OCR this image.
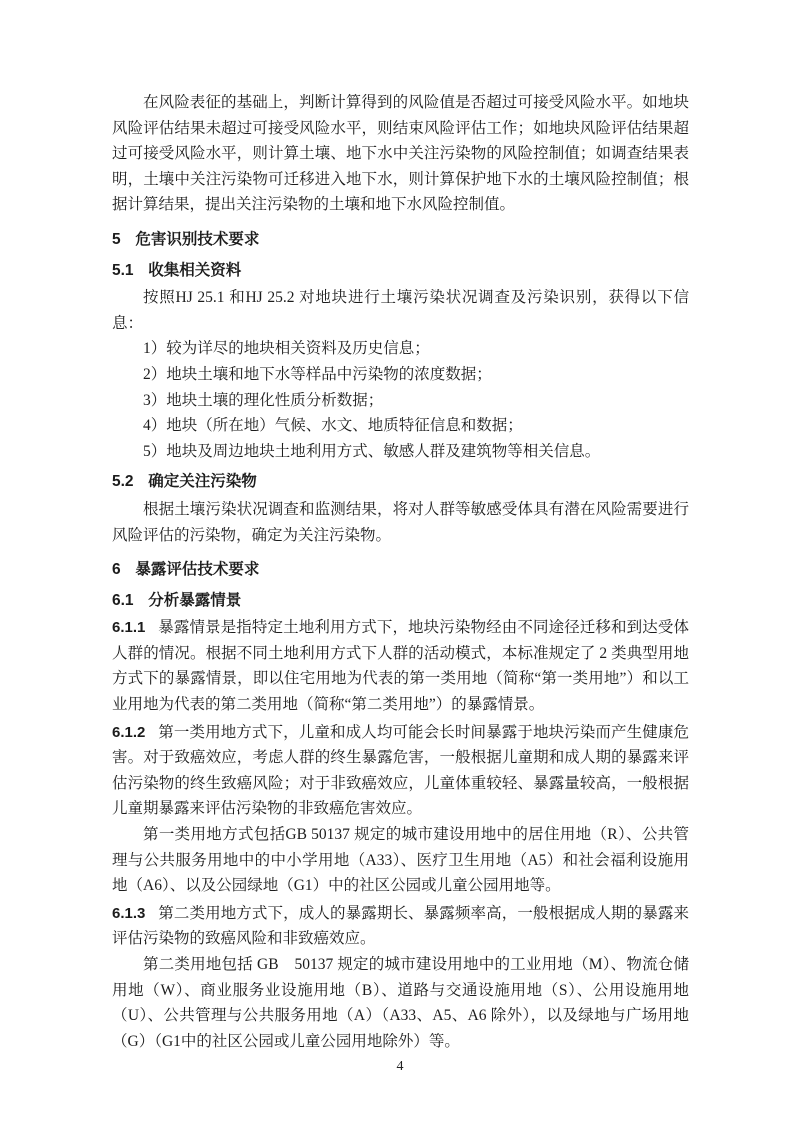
在风险表征的基础上，判断计算得到的风险值是否超过可接受风险水平。如地块风险评估结果未超过可接受风险水平，则结束风险评估工作；如地块风险评估结果超过可接受风险水平，则计算土壤、地下水中关注污染物的风险控制值；如调查结果表明，土壤中关注污染物可迁移进入地下水，则计算保护地下水的土壤风险控制值；根据计算结果，提出关注污染物的土壤和地下水风险控制值。

5 危害识别技术要求
5.1 收集相关资料

按照HJ 25.1 和HJ 25.2 对地块进行土壤污染状况调查及污染识别，获得以下信息：

1）较为详尽的地块相关资料及历史信息；

2）地块土壤和地下水等样品中污染物的浓度数据；

3）地块土壤的理化性质分析数据；

4）地块（所在地）气候、水文、地质特征信息和数据；

5）地块及周边地块土地利用方式、敏感人群及建筑物等相关信息。

5.2 确定关注污染物

根据土壤污染状况调查和监测结果，将对人群等敏感受体具有潜在风险需要进行风险评估的污染物，确定为关注污染物。

6 暴露评估技术要求
6.1 分析暴露情景

6.1.1 暴露情景是指特定土地利用方式下，地块污染物经由不同途径迁移和到达受体人群的情况。根据不同土地利用方式下人群的活动模式，本标准规定了 2 类典型用地方式下的暴露情景，即以住宅用地为代表的第一类用地（简称“第一类用地”）和以工业用地为代表的第二类用地（简称“第二类用地”）的暴露情景。

6.1.2 第一类用地方式下，儿童和成人均可能会长时间暴露于地块污染而产生健康危害。对于致癌效应，考虑人群的终生暴露危害，一般根据儿童期和成人期的暴露来评估污染物的终生致癌风险；对于非致癌效应，儿童体重较轻、暴露量较高，一般根据儿童期暴露来评估污染物的非致癌危害效应。

第一类用地方式包括GB 50137 规定的城市建设用地中的居住用地（R）、公共管理与公共服务用地中的中小学用地（A33）、医疗卫生用地（A5）和社会福利设施用地（A6）、以及公园绿地（G1）中的社区公园或儿童公园用地等。

6.1.3 第二类用地方式下，成人的暴露期长、暴露频率高，一般根据成人期的暴露来评估污染物的致癌风险和非致癌效应。

第二类用地包括 GB　50137 规定的城市建设用地中的工业用地（M）、物流仓储用地（W）、商业服务业设施用地（B）、道路与交通设施用地（S）、公用设施用地（U）、公共管理与公共服务用地（A）（A33、A5、A6 除外），以及绿地与广场用地（G）（G1中的社区公园或儿童公园用地除外）等。

4
